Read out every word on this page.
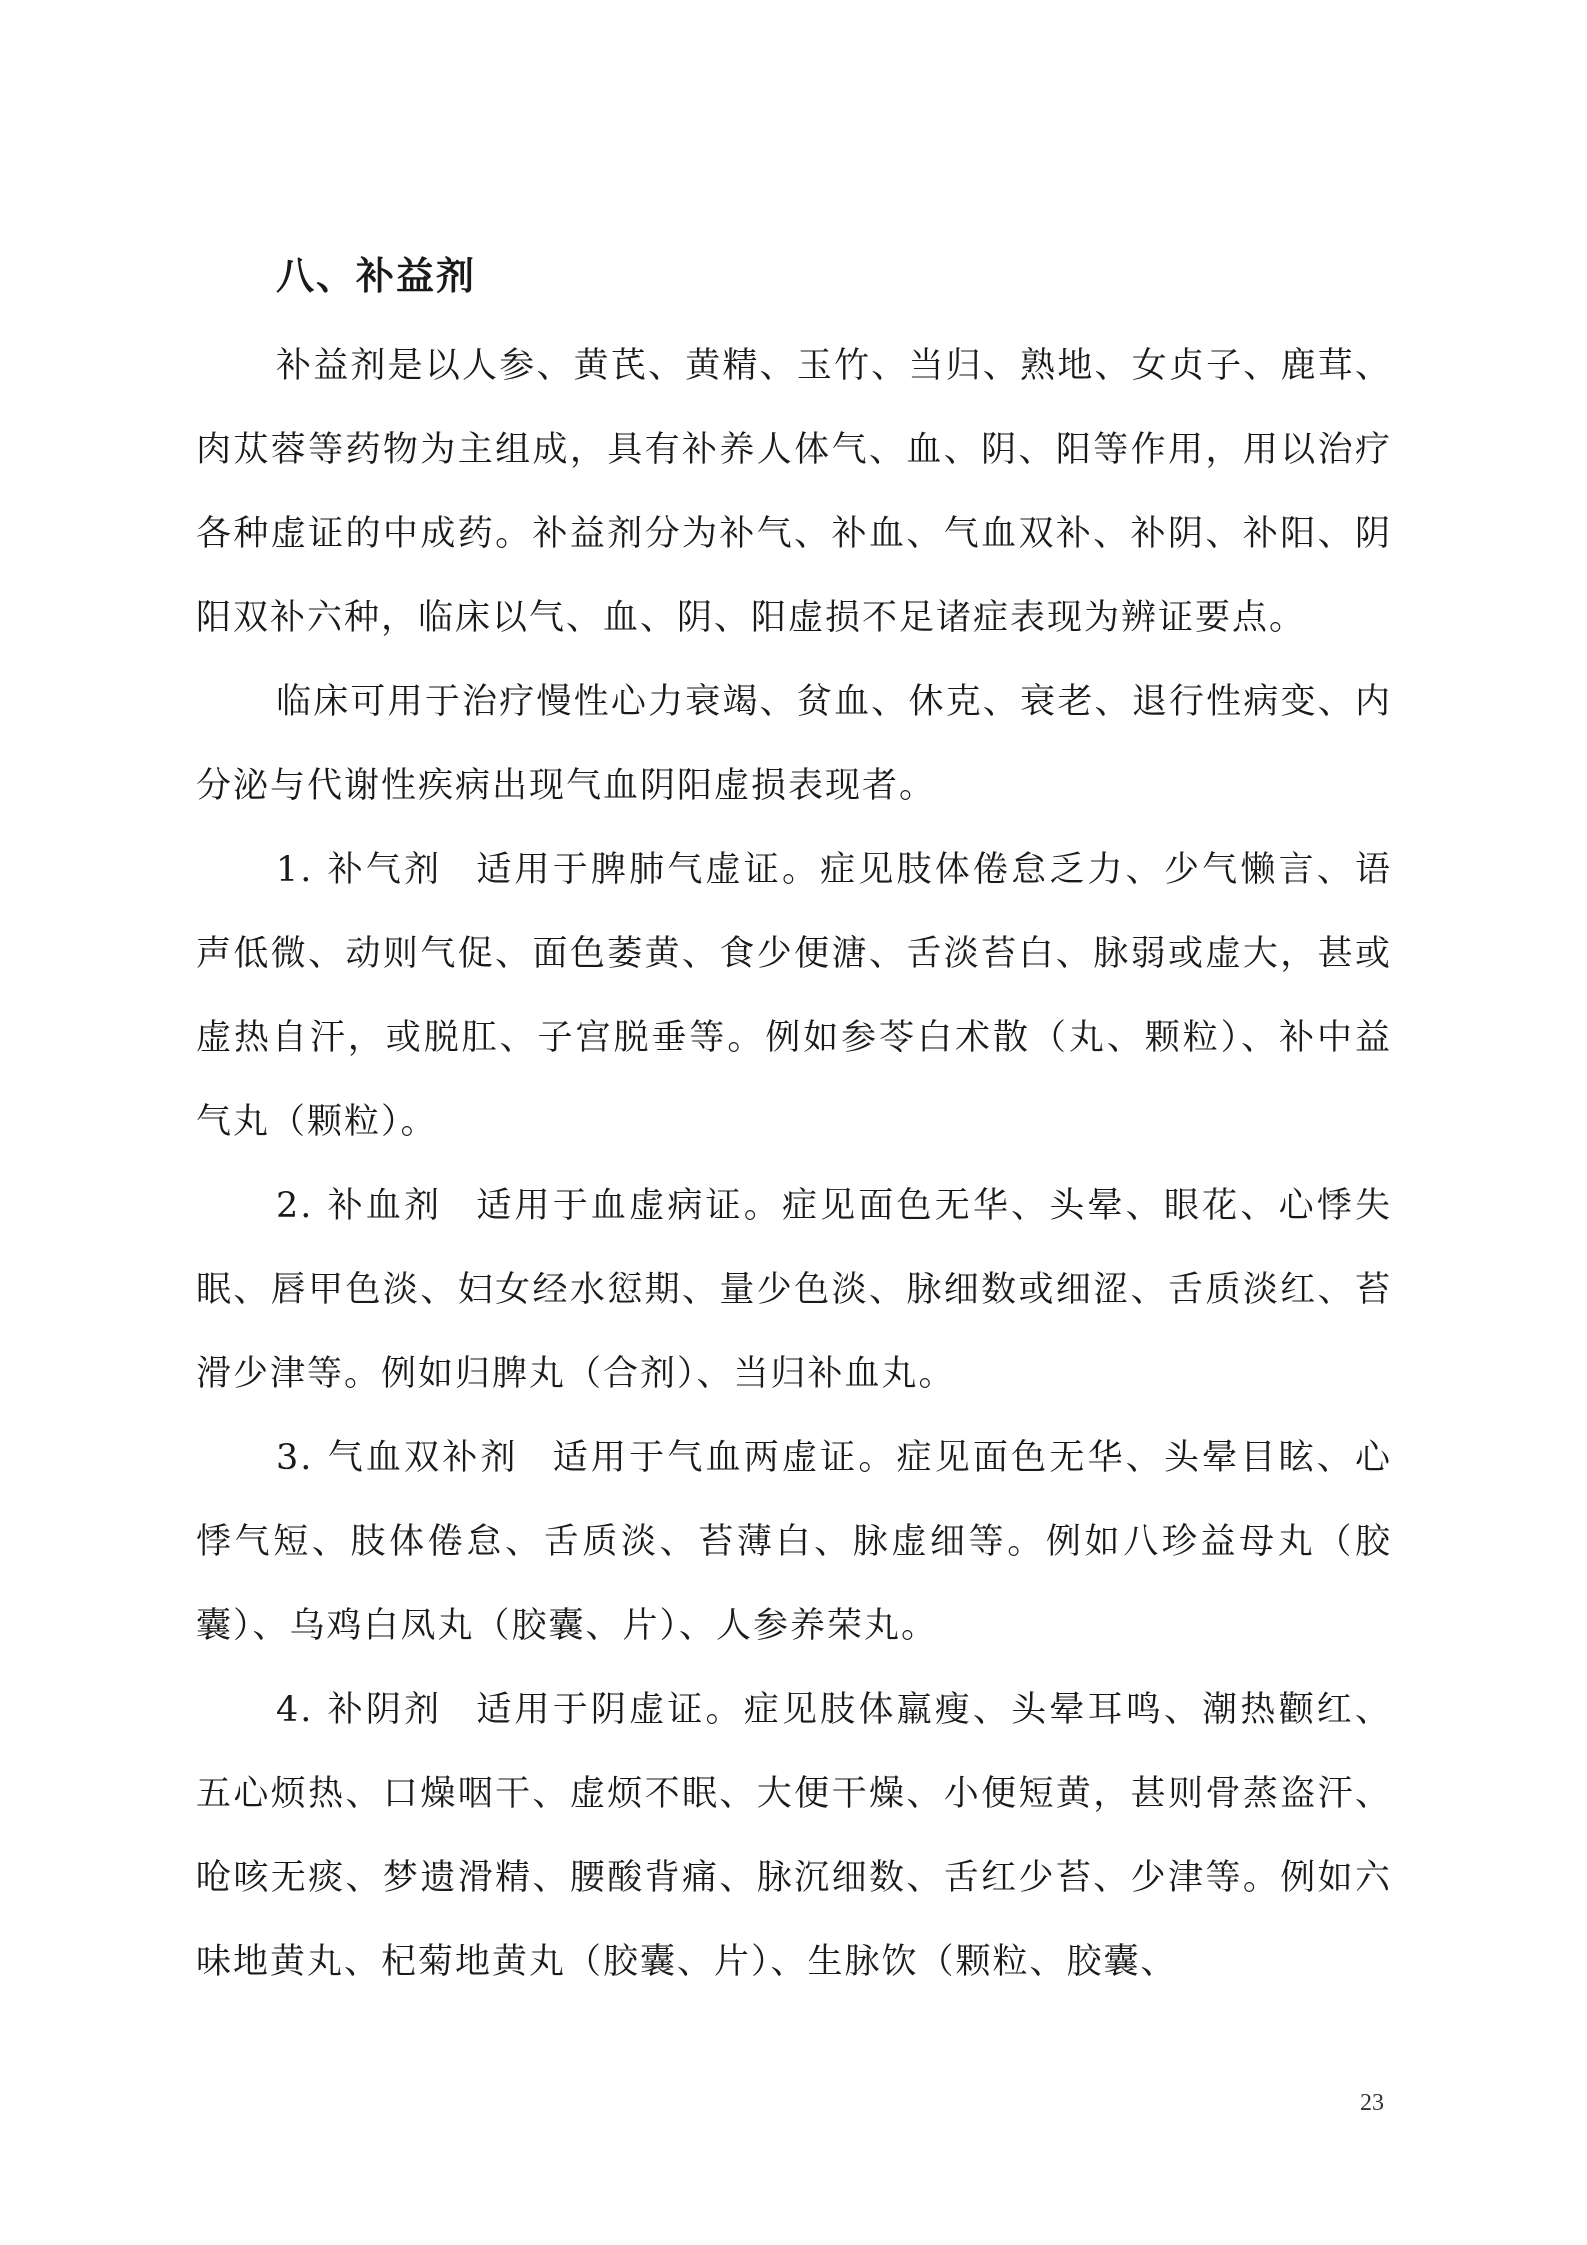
八、补益剂

补益剂是以人参、黄芪、黄精、玉竹、当归、熟地、女贞子、鹿茸、肉苁蓉等药物为主组成，具有补养人体气、血、阴、阳等作用，用以治疗各种虚证的中成药。补益剂分为补气、补血、气血双补、补阴、补阳、阴阳双补六种，临床以气、血、阴、阳虚损不足诸症表现为辨证要点。

临床可用于治疗慢性心力衰竭、贫血、休克、衰老、退行性病变、内分泌与代谢性疾病出现气血阴阳虚损表现者。

1. 补气剂 适用于脾肺气虚证。症见肢体倦怠乏力、少气懒言、语声低微、动则气促、面色萎黄、食少便溏、舌淡苔白、脉弱或虚大，甚或虚热自汗，或脱肛、子宫脱垂等。例如参苓白术散（丸、颗粒）、补中益气丸（颗粒）。

2. 补血剂 适用于血虚病证。症见面色无华、头晕、眼花、心悸失眠、唇甲色淡、妇女经水愆期、量少色淡、脉细数或细涩、舌质淡红、苔滑少津等。例如归脾丸（合剂）、当归补血丸。

3. 气血双补剂 适用于气血两虚证。症见面色无华、头晕目眩、心悸气短、肢体倦怠、舌质淡、苔薄白、脉虚细等。例如八珍益母丸（胶囊）、乌鸡白凤丸（胶囊、片）、人参养荣丸。

4. 补阴剂 适用于阴虚证。症见肢体羸瘦、头晕耳鸣、潮热颧红、五心烦热、口燥咽干、虚烦不眠、大便干燥、小便短黄，甚则骨蒸盗汗、呛咳无痰、梦遗滑精、腰酸背痛、脉沉细数、舌红少苔、少津等。例如六味地黄丸、杞菊地黄丸（胶囊、片）、生脉饮（颗粒、胶囊、

23
